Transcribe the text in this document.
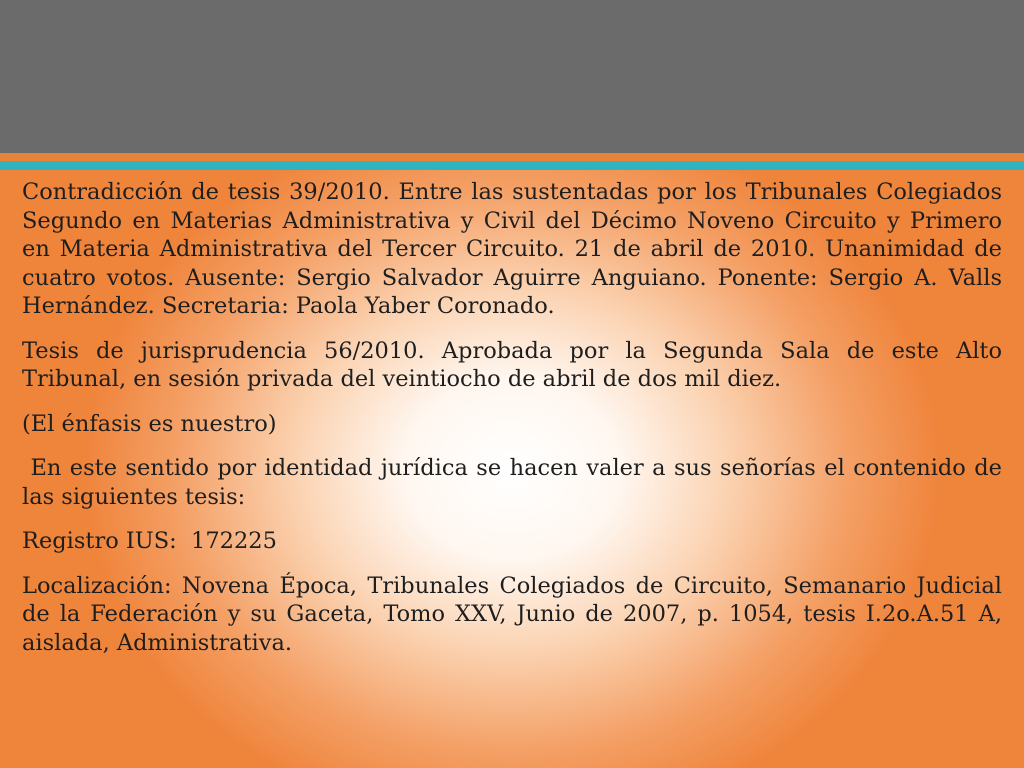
Contradicción de tesis 39/2010. Entre las sustentadas por los Tribunales Colegiados Segundo en Materias Administrativa y Civil del Décimo Noveno Circuito y Primero en Materia Administrativa del Tercer Circuito. 21 de abril de 2010. Unanimidad de cuatro votos. Ausente: Sergio Salvador Aguirre Anguiano. Ponente: Sergio A. Valls Hernández. Secretaria: Paola Yaber Coronado.

Tesis de jurisprudencia 56/2010. Aprobada por la Segunda Sala de este Alto Tribunal, en sesión privada del veintiocho de abril de dos mil diez.

(El énfasis es nuestro)

En este sentido por identidad jurídica se hacen valer a sus señorías el contenido de las siguientes tesis:

Registro IUS:  172225

Localización: Novena Época, Tribunales Colegiados de Circuito, Semanario Judicial de la Federación y su Gaceta, Tomo XXV, Junio de 2007, p. 1054, tesis I.2o.A.51 A, aislada, Administrativa.
